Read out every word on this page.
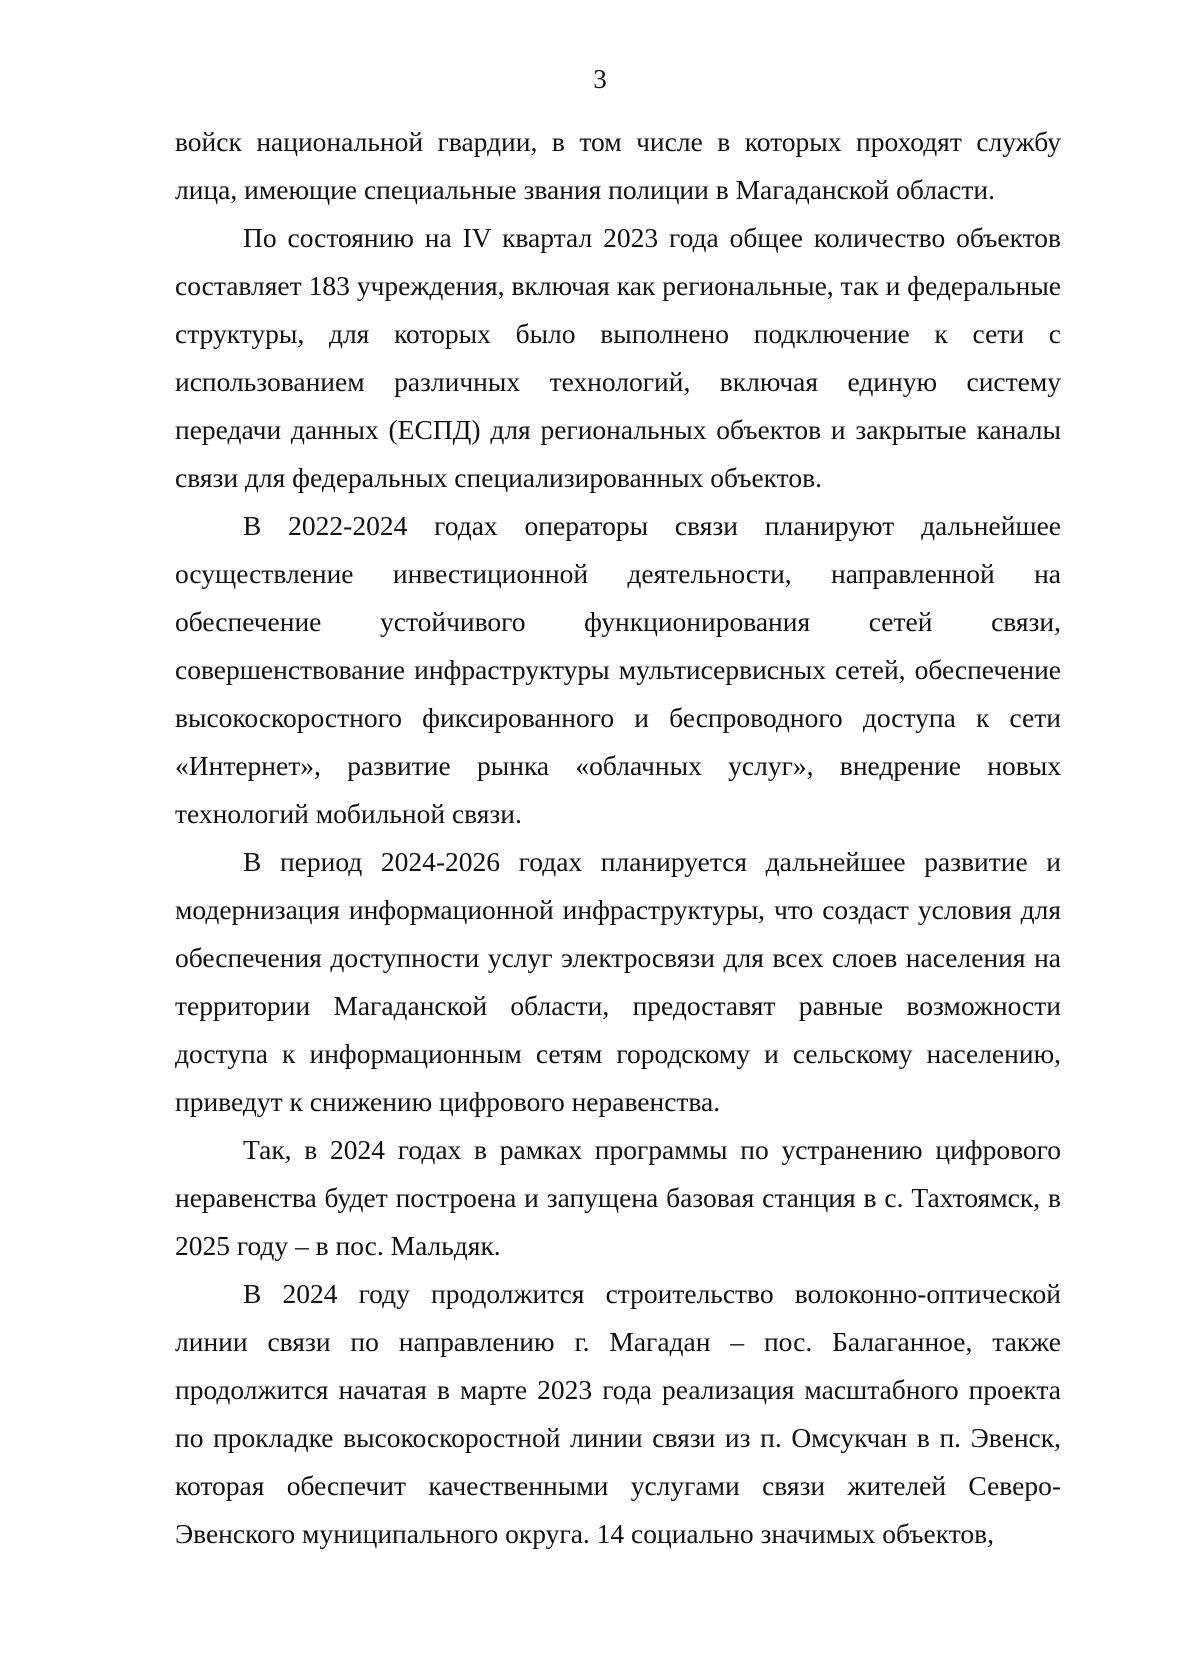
3

войск национальной гвардии, в том числе в которых проходят службу лица, имеющие специальные звания полиции в Магаданской области.

По состоянию на IV квартал 2023 года общее количество объектов составляет 183 учреждения, включая как региональные, так и федеральные структуры, для которых было выполнено подключение к сети с использованием различных технологий, включая единую систему передачи данных (ЕСПД) для региональных объектов и закрытые каналы связи для федеральных специализированных объектов.

В 2022-2024 годах операторы связи планируют дальнейшее осуществление инвестиционной деятельности, направленной на обеспечение устойчивого функционирования сетей связи, совершенствование инфраструктуры мультисервисных сетей, обеспечение высокоскоростного фиксированного и беспроводного доступа к сети «Интернет», развитие рынка «облачных услуг», внедрение новых технологий мобильной связи.

В период 2024-2026 годах планируется дальнейшее развитие и модернизация информационной инфраструктуры, что создаст условия для обеспечения доступности услуг электросвязи для всех слоев населения на территории Магаданской области, предоставят равные возможности доступа к информационным сетям городскому и сельскому населению, приведут к снижению цифрового неравенства.

Так, в 2024 годах в рамках программы по устранению цифрового неравенства будет построена и запущена базовая станция в с. Тахтоямск, в 2025 году – в пос. Мальдяк.

В 2024 году продолжится строительство волоконно-оптической линии связи по направлению г. Магадан – пос. Балаганное, также продолжится начатая в марте 2023 года реализация масштабного проекта по прокладке высокоскоростной линии связи из п. Омсукчан в п. Эвенск, которая обеспечит качественными услугами связи жителей Северо-Эвенского муниципального округа. 14 социально значимых объектов,
